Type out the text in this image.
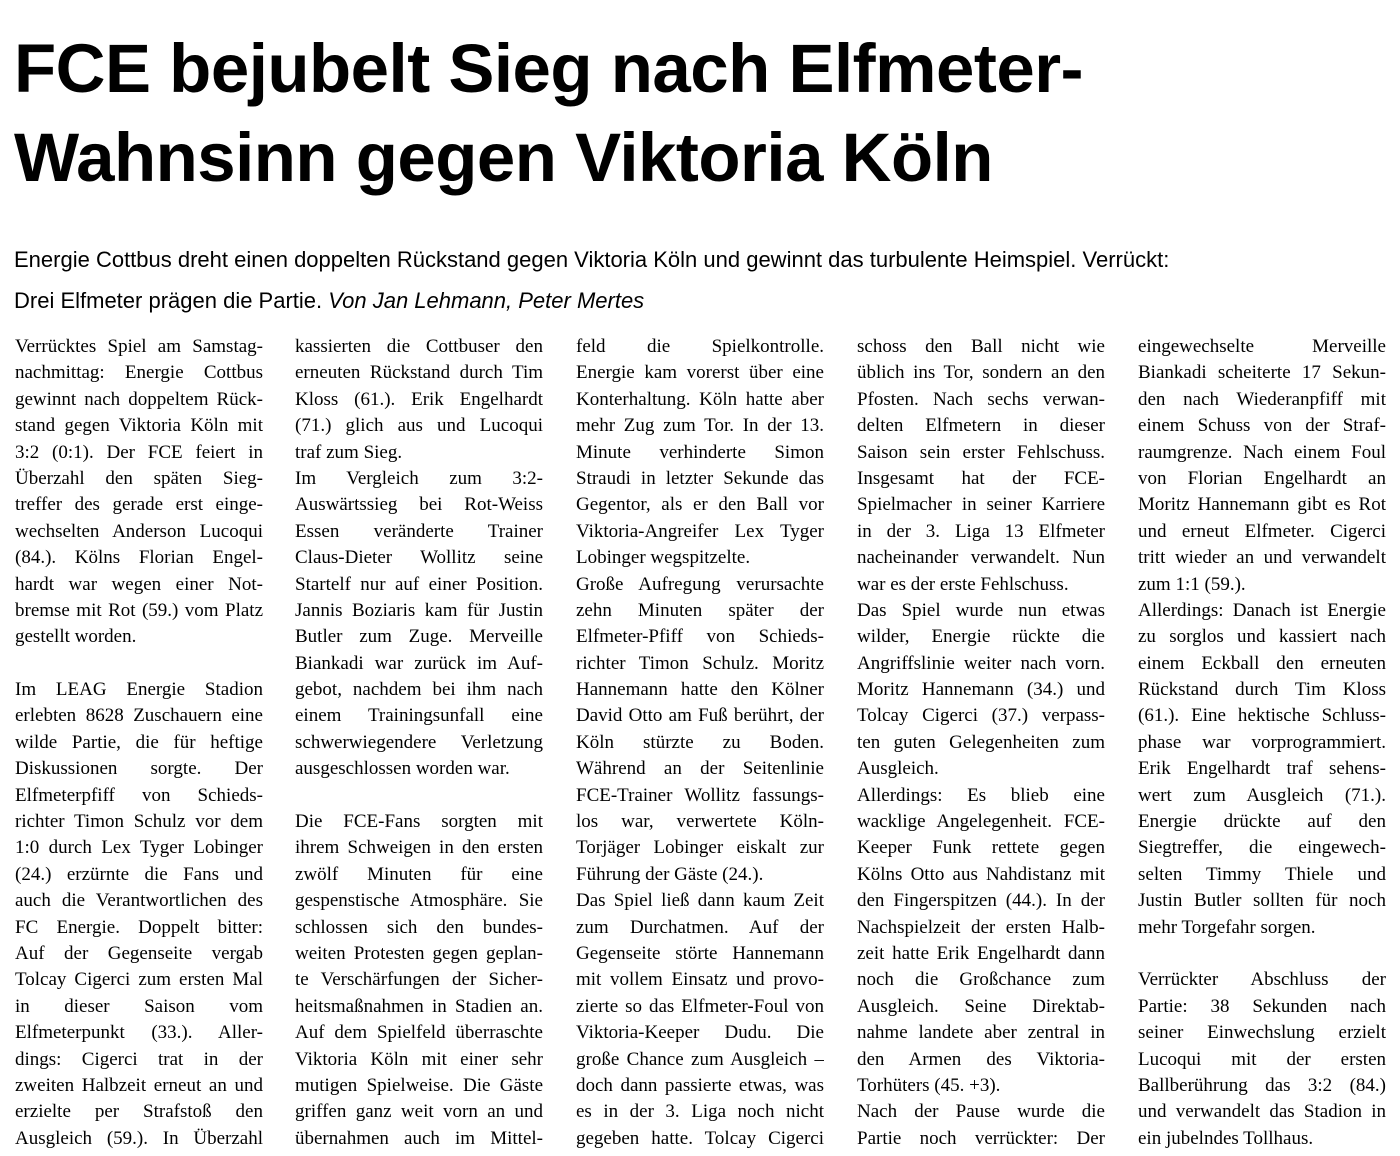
FCE bejubelt Sieg nach Elfmeter-
Wahnsinn gegen Viktoria Köln
Energie Cottbus dreht einen doppelten Rückstand gegen Viktoria Köln und gewinnt das turbulente Heimspiel. Verrückt:
Drei Elfmeter prägen die Partie. Von Jan Lehmann, Peter Mertes
Verrücktes Spiel am Samstag-
nachmittag: Energie Cottbus
gewinnt nach doppeltem Rück-
stand gegen Viktoria Köln mit
3:2 (0:1). Der FCE feiert in
Überzahl den späten Sieg-
treffer des gerade erst einge-
wechselten Anderson Lucoqui
(84.). Kölns Florian Engel-
hardt war wegen einer Not-
bremse mit Rot (59.) vom Platz
gestellt worden.
Im LEAG Energie Stadion
erlebten 8628 Zuschauern eine
wilde Partie, die für heftige
Diskussionen sorgte. Der
Elfmeterpfiff von Schieds-
richter Timon Schulz vor dem
1:0 durch Lex Tyger Lobinger
(24.) erzürnte die Fans und
auch die Verantwortlichen des
FC Energie. Doppelt bitter:
Auf der Gegenseite vergab
Tolcay Cigerci zum ersten Mal
in dieser Saison vom
Elfmeterpunkt (33.). Aller-
dings: Cigerci trat in der
zweiten Halbzeit erneut an und
erzielte per Strafstoß den
Ausgleich (59.). In Überzahl
kassierten die Cottbuser den
erneuten Rückstand durch Tim
Kloss (61.). Erik Engelhardt
(71.) glich aus und Lucoqui
traf zum Sieg.
Im Vergleich zum 3:2-
Auswärtssieg bei Rot-Weiss
Essen veränderte Trainer
Claus-Dieter Wollitz seine
Startelf nur auf einer Position.
Jannis Boziaris kam für Justin
Butler zum Zuge. Merveille
Biankadi war zurück im Auf-
gebot, nachdem bei ihm nach
einem Trainingsunfall eine
schwerwiegendere Verletzung
ausgeschlossen worden war.
Die FCE-Fans sorgten mit
ihrem Schweigen in den ersten
zwölf Minuten für eine
gespenstische Atmosphäre. Sie
schlossen sich den bundes-
weiten Protesten gegen geplan-
te Verschärfungen der Sicher-
heitsmaßnahmen in Stadien an.
Auf dem Spielfeld überraschte
Viktoria Köln mit einer sehr
mutigen Spielweise. Die Gäste
griffen ganz weit vorn an und
übernahmen auch im Mittel-
feld die Spielkontrolle.
Energie kam vorerst über eine
Konterhaltung. Köln hatte aber
mehr Zug zum Tor. In der 13.
Minute verhinderte Simon
Straudi in letzter Sekunde das
Gegentor, als er den Ball vor
Viktoria-Angreifer Lex Tyger
Lobinger wegspitzelte.
Große Aufregung verursachte
zehn Minuten später der
Elfmeter-Pfiff von Schieds-
richter Timon Schulz. Moritz
Hannemann hatte den Kölner
David Otto am Fuß berührt, der
Köln stürzte zu Boden.
Während an der Seitenlinie
FCE-Trainer Wollitz fassungs-
los war, verwertete Köln-
Torjäger Lobinger eiskalt zur
Führung der Gäste (24.).
Das Spiel ließ dann kaum Zeit
zum Durchatmen. Auf der
Gegenseite störte Hannemann
mit vollem Einsatz und provo-
zierte so das Elfmeter-Foul von
Viktoria-Keeper Dudu. Die
große Chance zum Ausgleich –
doch dann passierte etwas, was
es in der 3. Liga noch nicht
gegeben hatte. Tolcay Cigerci
schoss den Ball nicht wie
üblich ins Tor, sondern an den
Pfosten. Nach sechs verwan-
delten Elfmetern in dieser
Saison sein erster Fehlschuss.
Insgesamt hat der FCE-
Spielmacher in seiner Karriere
in der 3. Liga 13 Elfmeter
nacheinander verwandelt. Nun
war es der erste Fehlschuss.
Das Spiel wurde nun etwas
wilder, Energie rückte die
Angriffslinie weiter nach vorn.
Moritz Hannemann (34.) und
Tolcay Cigerci (37.) verpass-
ten guten Gelegenheiten zum
Ausgleich.
Allerdings: Es blieb eine
wacklige Angelegenheit. FCE-
Keeper Funk rettete gegen
Kölns Otto aus Nahdistanz mit
den Fingerspitzen (44.). In der
Nachspielzeit der ersten Halb-
zeit hatte Erik Engelhardt dann
noch die Großchance zum
Ausgleich. Seine Direktab-
nahme landete aber zentral in
den Armen des Viktoria-
Torhüters (45. +3).
Nach der Pause wurde die
Partie noch verrückter: Der
eingewechselte Merveille
Biankadi scheiterte 17 Sekun-
den nach Wiederanpfiff mit
einem Schuss von der Straf-
raumgrenze. Nach einem Foul
von Florian Engelhardt an
Moritz Hannemann gibt es Rot
und erneut Elfmeter. Cigerci
tritt wieder an und verwandelt
zum 1:1 (59.).
Allerdings: Danach ist Energie
zu sorglos und kassiert nach
einem Eckball den erneuten
Rückstand durch Tim Kloss
(61.). Eine hektische Schluss-
phase war vorprogrammiert.
Erik Engelhardt traf sehens-
wert zum Ausgleich (71.).
Energie drückte auf den
Siegtreffer, die eingewech-
selten Timmy Thiele und
Justin Butler sollten für noch
mehr Torgefahr sorgen.
Verrückter Abschluss der
Partie: 38 Sekunden nach
seiner Einwechslung erzielt
Lucoqui mit der ersten
Ballberührung das 3:2 (84.)
und verwandelt das Stadion in
ein jubelndes Tollhaus.
